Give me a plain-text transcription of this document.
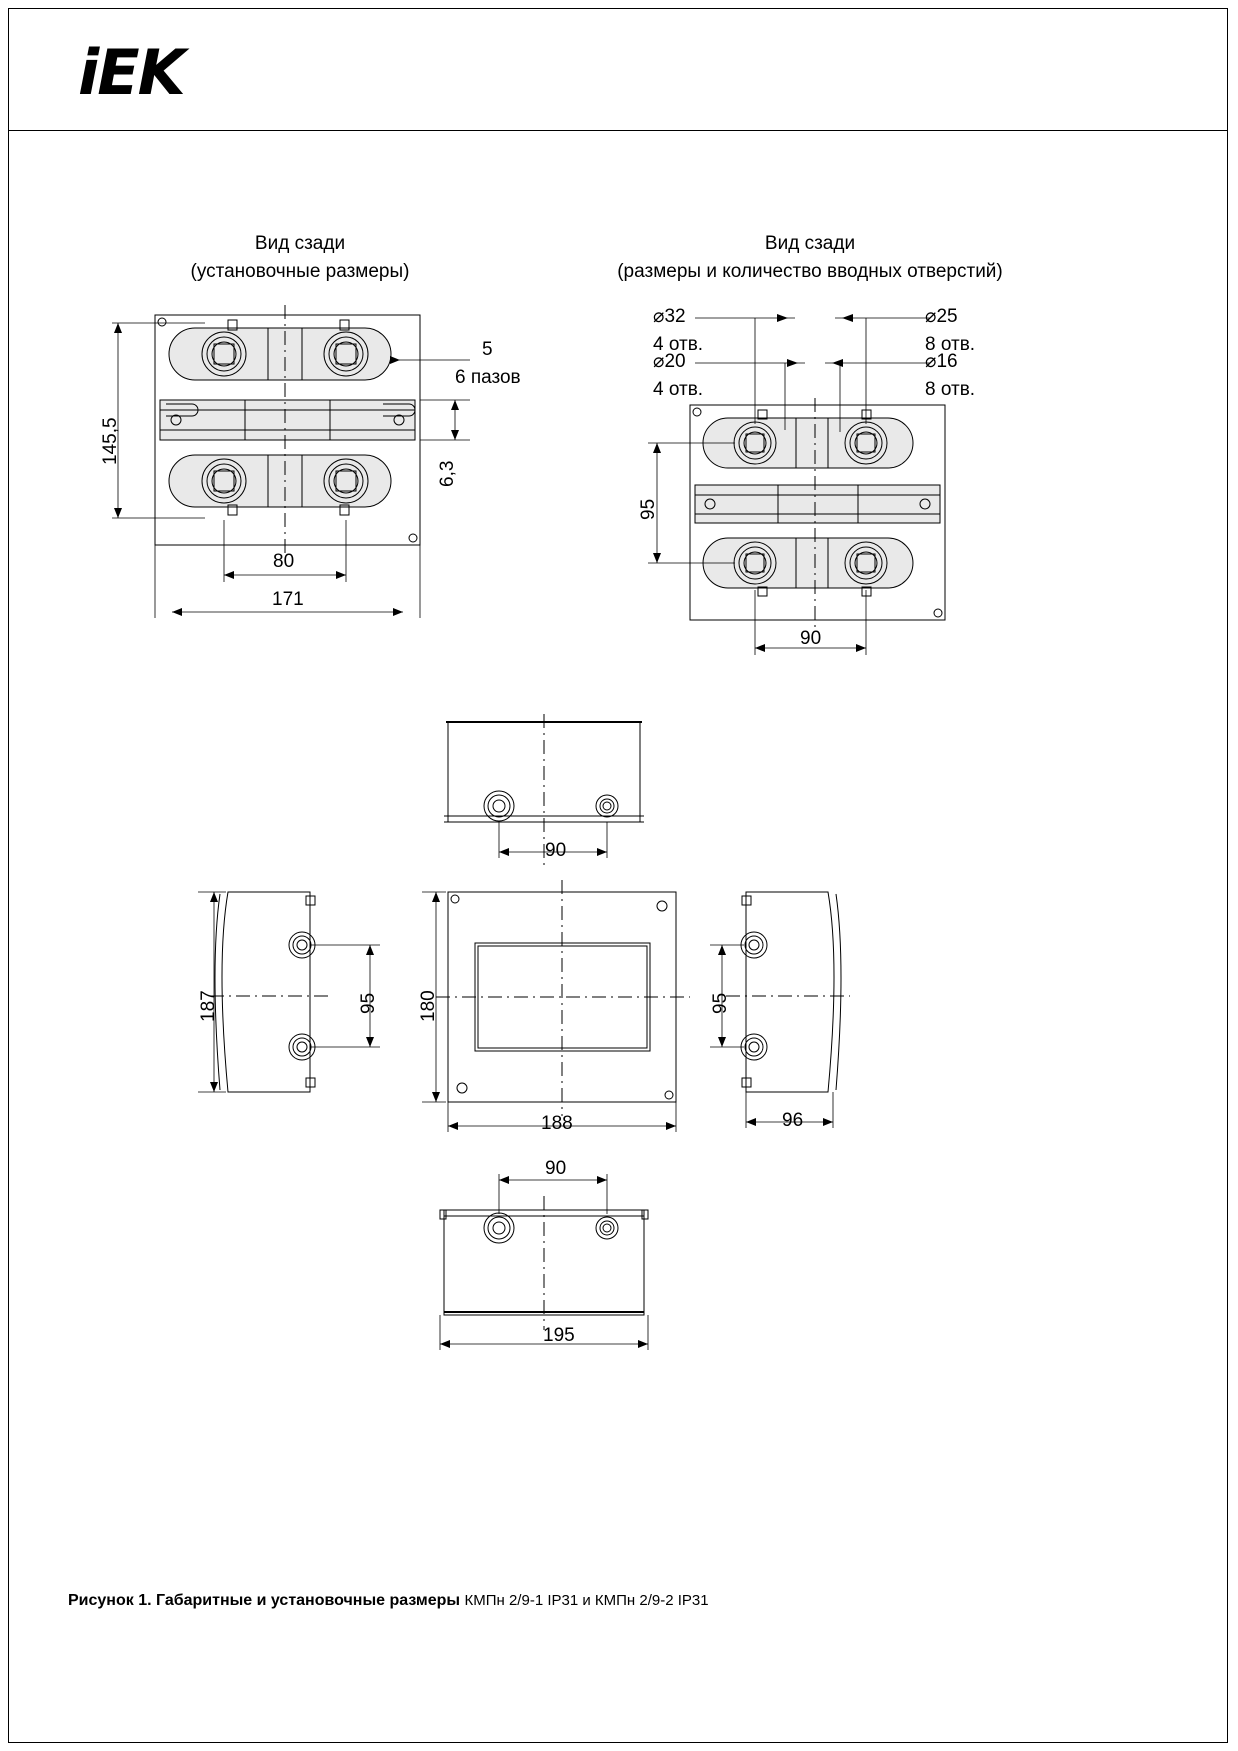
iEK
Вид сзади
(установочные размеры)
Вид сзади
(размеры и количество вводных отверстий)
145,5
80
171
5
6 пазов
6,3
⌀32
4 отв.
⌀20
4 отв.
⌀25
8 отв.
⌀16
8 отв.
95
90
90
187	95 180
188
95
96
90
195
Рисунок 1. Габаритные и установочные размеры КМПн 2/9-1 IP31 и КМПн 2/9-2 IP31
